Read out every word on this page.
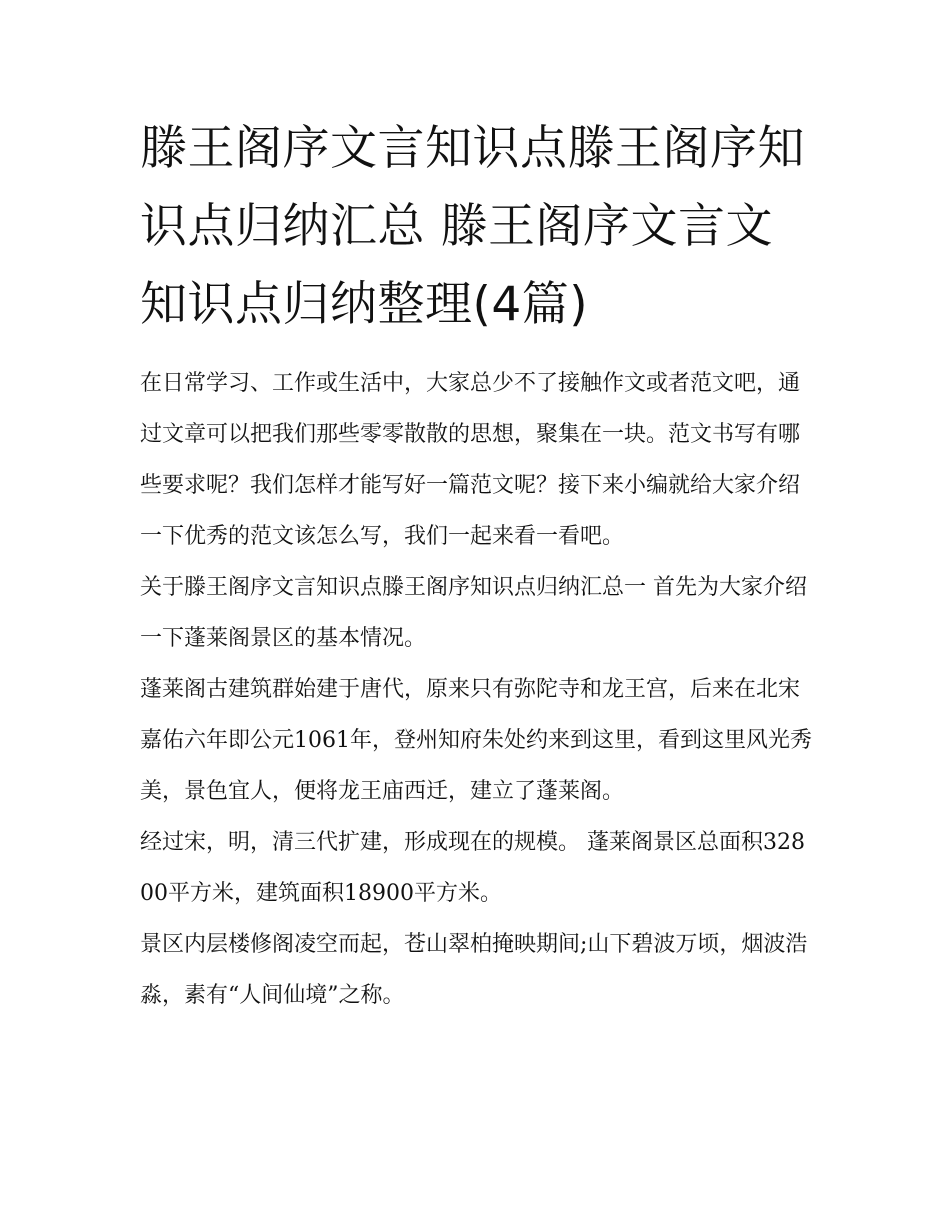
滕王阁序文言知识点滕王阁序知识点归纳汇总 滕王阁序文言文知识点归纳整理(4篇)

在日常学习、工作或生活中，大家总少不了接触作文或者范文吧，通过文章可以把我们那些零零散散的思想，聚集在一块。范文书写有哪些要求呢？我们怎样才能写好一篇范文呢？接下来小编就给大家介绍一下优秀的范文该怎么写，我们一起来看一看吧。

关于滕王阁序文言知识点滕王阁序知识点归纳汇总一 首先为大家介绍一下蓬莱阁景区的基本情况。

蓬莱阁古建筑群始建于唐代，原来只有弥陀寺和龙王宫，后来在北宋嘉佑六年即公元1061年，登州知府朱处约来到这里，看到这里风光秀美，景色宜人，便将龙王庙西迁，建立了蓬莱阁。

经过宋，明，清三代扩建，形成现在的规模。 蓬莱阁景区总面积32800平方米，建筑面积18900平方米。

景区内层楼修阁凌空而起，苍山翠柏掩映期间;山下碧波万顷，烟波浩淼，素有“人间仙境”之称。
